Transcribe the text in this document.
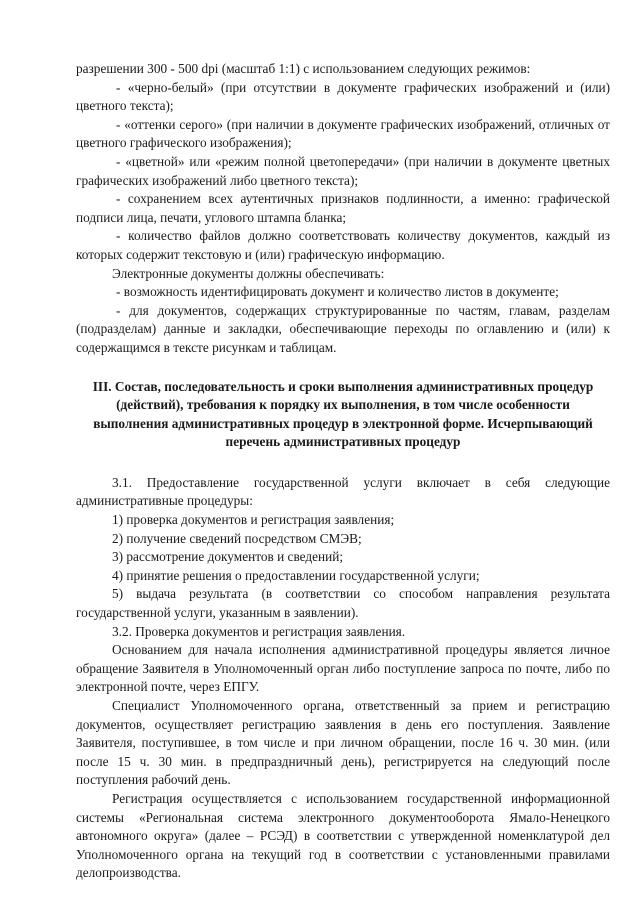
разрешении 300 - 500 dpi (масштаб 1:1) с использованием следующих режимов:

- «черно-белый» (при отсутствии в документе графических изображений и (или) цветного текста);

- «оттенки серого» (при наличии в документе графических изображений, отличных от цветного графического изображения);

- «цветной» или «режим полной цветопередачи» (при наличии в документе цветных графических изображений либо цветного текста);

- сохранением всех аутентичных признаков подлинности, а именно: графической подписи лица, печати, углового штампа бланка;

- количество файлов должно соответствовать количеству документов, каждый из которых содержит текстовую и (или) графическую информацию.

Электронные документы должны обеспечивать:

- возможность идентифицировать документ и количество листов в документе;

- для документов, содержащих структурированные по частям, главам, разделам (подразделам) данные и закладки, обеспечивающие переходы по оглавлению и (или) к содержащимся в тексте рисункам и таблицам.

III. Состав, последовательность и сроки выполнения административных процедур (действий), требования к порядку их выполнения, в том числе особенности выполнения административных процедур в электронной форме. Исчерпывающий перечень административных процедур

3.1. Предоставление государственной услуги включает в себя следующие административные процедуры:

1) проверка документов и регистрация заявления;

2) получение сведений посредством СМЭВ;

3) рассмотрение документов и сведений;

4) принятие решения о предоставлении государственной услуги;

5) выдача результата (в соответствии со способом направления результата государственной услуги, указанным в заявлении).

3.2. Проверка документов и регистрация заявления.

Основанием для начала исполнения административной процедуры является личное обращение Заявителя в Уполномоченный орган либо поступление запроса по почте, либо по электронной почте, через ЕПГУ.

Специалист Уполномоченного органа, ответственный за прием и регистрацию документов, осуществляет регистрацию заявления в день его поступления. Заявление Заявителя, поступившее, в том числе и при личном обращении, после 16 ч. 30 мин. (или после 15 ч. 30 мин. в предпраздничный день), регистрируется на следующий после поступления рабочий день.

Регистрация осуществляется с использованием государственной информационной системы «Региональная система электронного документооборота Ямало-Ненецкого автономного округа» (далее – РСЭД) в соответствии с утвержденной номенклатурой дел Уполномоченного органа на текущий год в соответствии с установленными правилами делопроизводства.
